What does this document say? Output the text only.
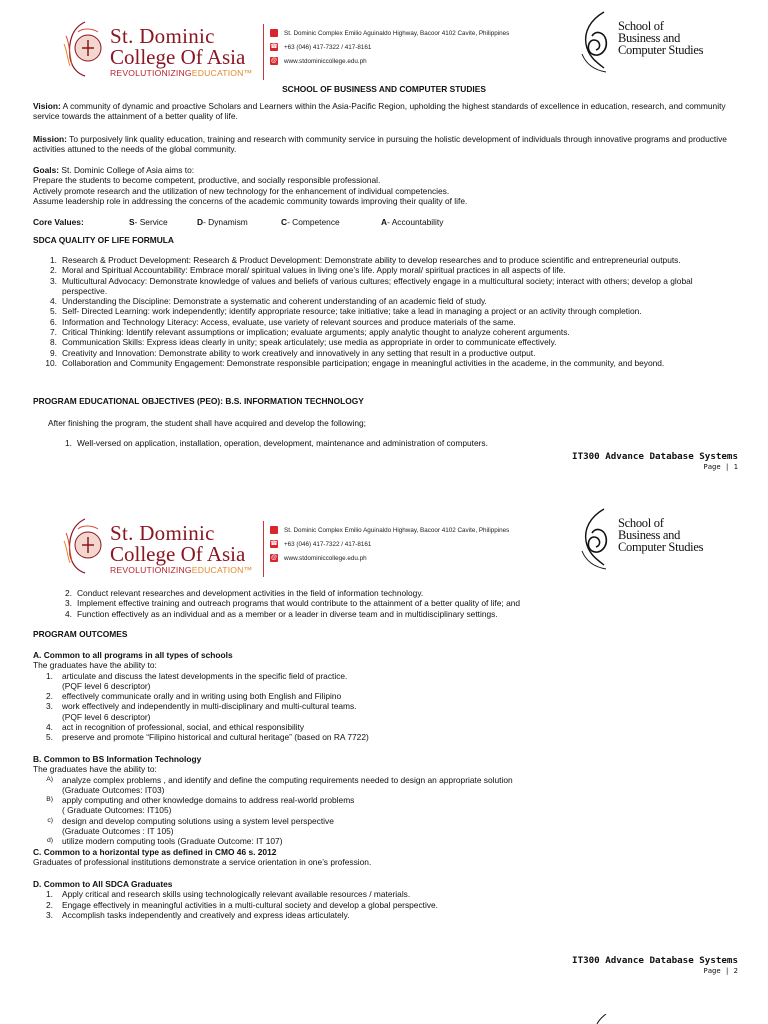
St. Dominic
College Of Asia
REVOLUTIONIZINGEDUCATION™
St. Dominic Complex Emilio Aguinaldo Highway, Bacoor 4102 Cavite, Philippines
☎ +63 (046) 417-7322 / 417-8161
@ www.stdominiccollege.edu.ph
School of
Business and
Computer Studies
SCHOOL OF BUSINESS AND COMPUTER STUDIES
Vision: A community of dynamic and proactive Scholars and Learners within the Asia-Pacific Region, upholding the highest standards of excellence in education, research, and community service towards the attainment of a better quality of life.
Mission: To purposively link quality education, training and research with community service in pursuing the holistic development of individuals through innovative programs and productive activities attuned to the needs of the global community.
Goals: St. Dominic College of Asia aims to:
Prepare the students to become competent, productive, and socially responsible professional.
Actively promote research and the utilization of new technology for the enhancement of individual competencies.
Assume leadership role in addressing the concerns of the academic community towards improving their quality of life.
Core Values:	S- Service	D- Dynamism	C- Competence	A- Accountability
SDCA QUALITY OF LIFE FORMULA
1. Research & Product Development: Research & Product Development: Demonstrate ability to develop researches and to produce scientific and entrepreneurial outputs.
2. Moral and Spiritual Accountability: Embrace moral/ spiritual values in living one’s life. Apply moral/ spiritual practices in all aspects of life.
3. Multicultural Advocacy: Demonstrate knowledge of values and beliefs of various cultures; effectively engage in a multicultural society; interact with others; develop a global perspective.
4. Understanding the Discipline: Demonstrate a systematic and coherent understanding of an academic field of study.
5. Self- Directed Learning: work independently; identify appropriate resource; take initiative; take a lead in managing a project or an activity through completion.
6. Information and Technology Literacy: Access, evaluate, use variety of relevant sources and produce materials of the same.
7. Critical Thinking: Identify relevant assumptions or implication; evaluate arguments; apply analytic thought to analyze coherent arguments.
8. Communication Skills: Express ideas clearly in unity; speak articulately; use media as appropriate in order to communicate effectively.
9. Creativity and Innovation: Demonstrate ability to work creatively and innovatively in any setting that result in a productive output.
10. Collaboration and Community Engagement: Demonstrate responsible participation; engage in meaningful activities in the academe, in the community, and beyond.
PROGRAM EDUCATIONAL OBJECTIVES (PEO): B.S. INFORMATION TECHNOLOGY
After finishing the program, the student shall have acquired and develop the following;
1. Well-versed on application, installation, operation, development, maintenance and administration of computers.
IT300 Advance Database Systems
Page | 1
St. Dominic
College Of Asia
REVOLUTIONIZINGEDUCATION™
St. Dominic Complex Emilio Aguinaldo Highway, Bacoor 4102 Cavite, Philippines
☎ +63 (046) 417-7322 / 417-8161
@ www.stdominiccollege.edu.ph
School of
Business and
Computer Studies
2. Conduct relevant researches and development activities in the field of information technology.
3. Implement effective training and outreach programs that would contribute to the attainment of a better quality of life; and
4. Function effectively as an individual and as a member or a leader in diverse team and in multidisciplinary settings.
PROGRAM OUTCOMES
A. Common to all programs in all types of schools
The graduates have the ability to:
1. articulate and discuss the latest developments in the specific field of practice.
(PQF level 6 descriptor)
2. effectively communicate orally and in writing using both English and Filipino
3. work effectively and independently in multi-disciplinary and multi-cultural teams.
(PQF level 6 descriptor)
4. act in recognition of professional, social, and ethical responsibility
5. preserve and promote “Filipino historical and cultural heritage” (based on RA 7722)
B. Common to BS Information Technology
The graduates have the ability to:
A) analyze complex problems , and identify and define the computing requirements needed to design an appropriate solution
(Graduate Outcomes: IT03)
B) apply computing and other knowledge domains to address real-world problems
( Graduate Outcomes: IT105)
c) design and develop computing solutions using a system level perspective
(Graduate Outcomes : IT 105)
d) utilize modern computing tools (Graduate Outcome: IT 107)
C. Common to a horizontal type as defined in CMO 46 s. 2012
Graduates of professional institutions demonstrate a service orientation in one’s profession.
D. Common to All SDCA Graduates
1. Apply critical and research skills using technologically relevant available resources / materials.
2. Engage effectively in meaningful activities in a multi-cultural society and develop a global perspective.
3. Accomplish tasks independently and creatively and express ideas articulately.
IT300 Advance Database Systems
Page | 2
